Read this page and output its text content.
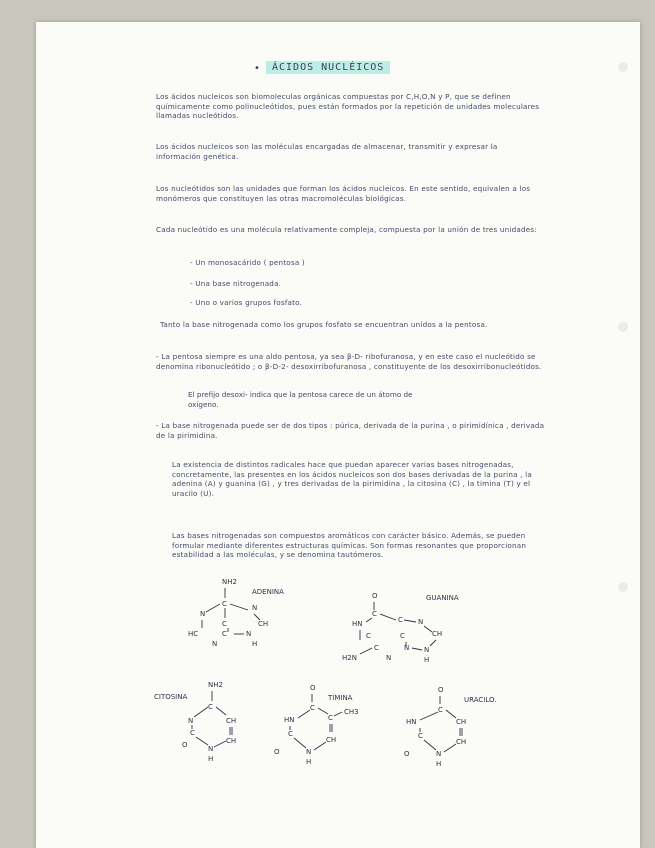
•	ÁCIDOS NUCLÉICOS

Los ácidos nucleicos son biomoleculas orgánicas compuestas por C,H,O,N y P, que se definen químicamente como polinucleótidos, pues están formados por la repetición de unidades moleculares llamadas nucleótidos.

Los ácidos nucleicos son las moléculas encargadas de almacenar, transmitir y expresar la información genética.

Los nucleótidos son las unidades que forman los ácidos nucleicos. En este sentido, equivalen a los monómeros que constituyen las otras macromoléculas biológicas.

Cada nucleótido es una molécula relativamente compleja, compuesta por la unión de tres unidades:

- Un monosacárido ( pentosa )

- Una base nitrogenada.

- Uno o varios grupos fosfato.

Tanto la base nitrogenada como los grupos fosfato se encuentran unidos a la pentosa.

- La pentosa siempre es una aldo pentosa, ya sea β-D- ribofuranosa, y en este caso el nucleótido se denomina ribonucleótido ; o β-D-2- desoxirribofuranosa , constituyente de los desoxirribonucleótidos.

El prefijo desoxi- indica que la pentosa carece de un átomo de oxígeno.

- La base nitrogenada puede ser de dos tipos : púrica, derivada de la purina , o pirimidínica , derivada de la pirimidina.

La existencia de distintos radicales hace que puedan aparecer varias bases nitrogenadas, concretamente, las presentes en los ácidos nucleicos son dos bases derivadas de la purina , la adenina (A) y guanina (G) , y tres derivadas de la pirimidina , la citosina (C) , la timina (T) y el uracilo (U).

Las bases nitrogenadas son compuestos aromáticos con carácter básico. Además, se pueden formular mediante diferentes estructuras químicas. Son formas resonantes que proporcionan estabilidad a las moléculas, y se denomina tautómeros.

NH2
ADENINA
C
N
N
C	CH
HC	C
N
N
H
O	GUANINA
C
HN	C N
CH
C
C
C
H2N	N
N N
H
NH2
CITOSINA
C
N	CH
C
CH
O	N
H
O
TIMINA
C
HN	C
CH3
CH
C
O	N
H
O
URACILO.
C
HN	CH
CH
C
O	N
H
